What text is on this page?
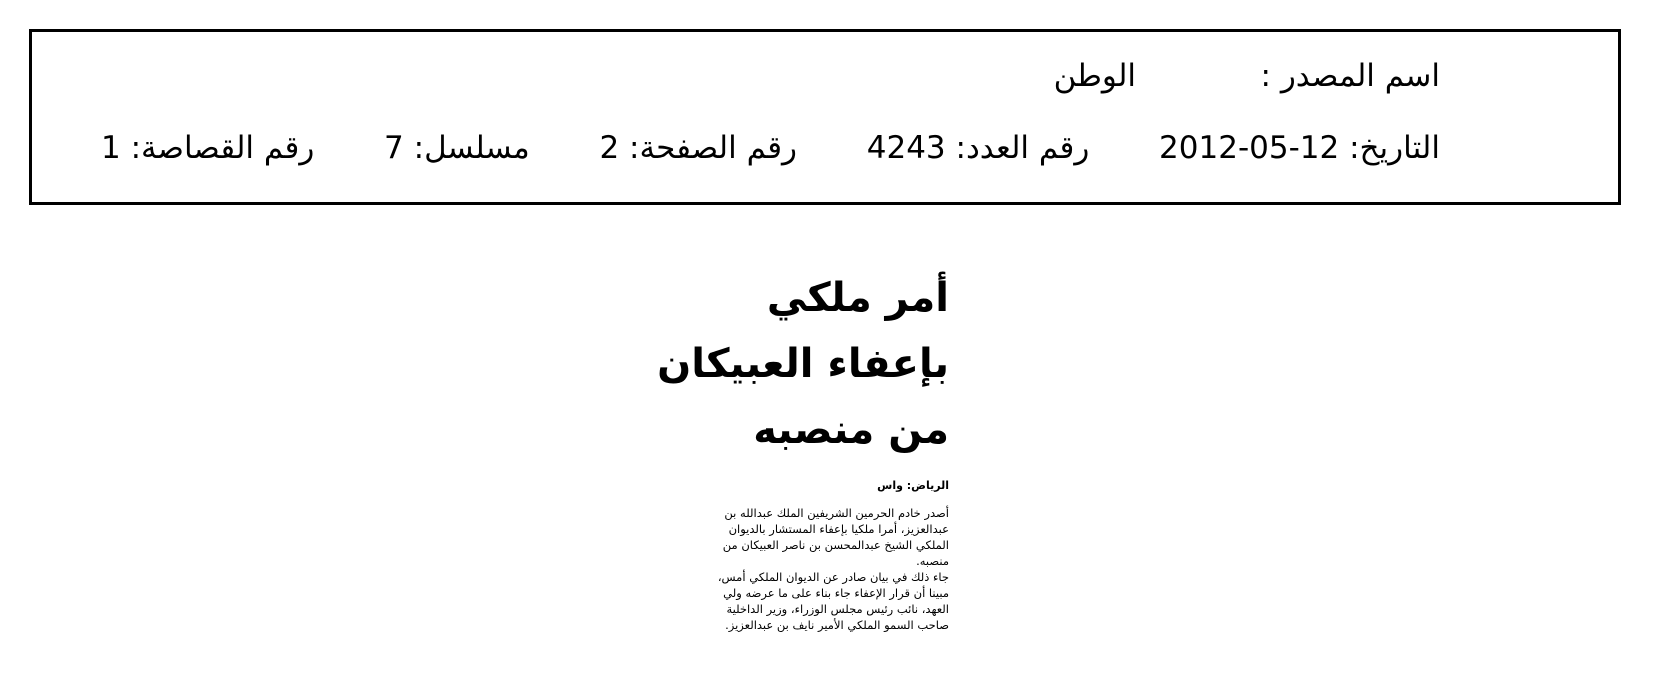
اسم المصدر :
الوطن
التاريخ: 2012-05-12  رقم العدد: 4243  رقم الصفحة: 2  مسلسل: 7  رقم القصاصة: 1
أمر ملكي
بإعفاء العبيكان
من منصبه
الرياض: واس

أصدر خادم الحرمين الشريفين الملك عبدالله بن عبدالعزيز، أمرا ملكيا بإعفاء المستشار بالديوان الملكي الشيخ عبدالمحسن بن ناصر العبيكان من منصبه.

جاء ذلك في بيان صادر عن الديوان الملكي أمس، مبينا أن قرار الإعفاء جاء بناء على ما عرضه ولي العهد، نائب رئيس مجلس الوزراء، وزير الداخلية صاحب السمو الملكي الأمير نايف بن عبدالعزيز.
